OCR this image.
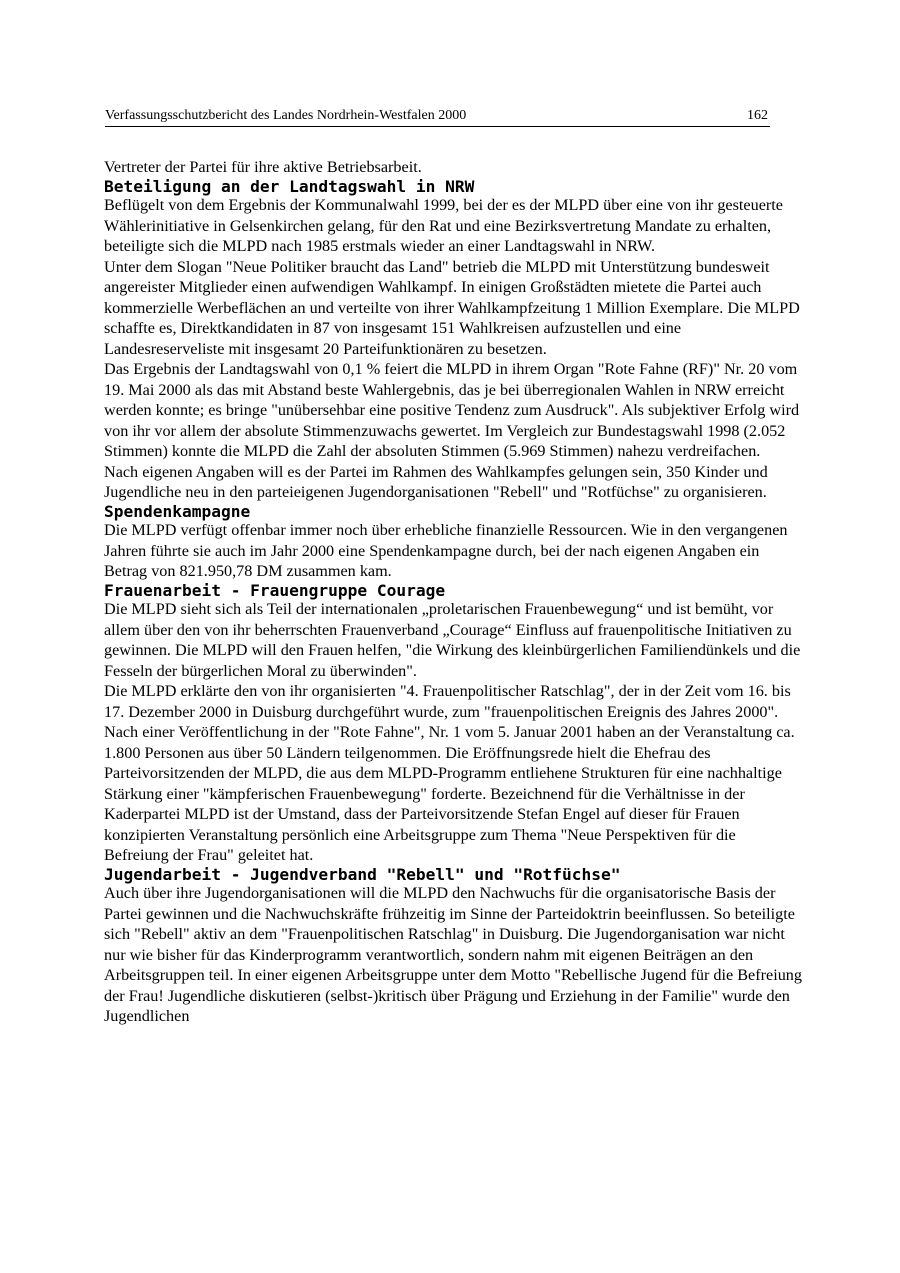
Verfassungsschutzbericht des Landes Nordrhein-Westfalen 2000	162

Vertreter der Partei für ihre aktive Betriebsarbeit.

Beteiligung an der Landtagswahl in NRW

Beflügelt von dem Ergebnis der Kommunalwahl 1999, bei der es der MLPD über eine von ihr gesteuerte Wählerinitiative in Gelsenkirchen gelang, für den Rat und eine Bezirksvertretung Mandate zu erhalten, beteiligte sich die MLPD nach 1985 erstmals wieder an einer Landtagswahl in NRW.

Unter dem Slogan "Neue Politiker braucht das Land" betrieb die MLPD mit Unterstützung bundesweit angereister Mitglieder einen aufwendigen Wahlkampf. In einigen Großstädten mietete die Partei auch kommerzielle Werbeflächen an und verteilte von ihrer Wahlkampfzeitung 1 Million Exemplare. Die MLPD schaffte es, Direktkandidaten in 87 von insgesamt 151 Wahlkreisen aufzustellen und eine Landesreserveliste mit insgesamt 20 Parteifunktionären zu besetzen.

Das Ergebnis der Landtagswahl von 0,1 % feiert die MLPD in ihrem Organ "Rote Fahne (RF)" Nr. 20 vom 19. Mai 2000 als das mit Abstand beste Wahlergebnis, das je bei überregionalen Wahlen in NRW erreicht werden konnte; es bringe "unübersehbar eine positive Tendenz zum Ausdruck". Als subjektiver Erfolg wird von ihr vor allem der absolute Stimmenzuwachs gewertet. Im Vergleich zur Bundestagswahl 1998 (2.052 Stimmen) konnte die MLPD die Zahl der absoluten Stimmen (5.969 Stimmen) nahezu verdreifachen.

Nach eigenen Angaben will es der Partei im Rahmen des Wahlkampfes gelungen sein, 350 Kinder und Jugendliche neu in den parteieigenen Jugendorganisationen "Rebell" und "Rotfüchse" zu organisieren.

Spendenkampagne

Die MLPD verfügt offenbar immer noch über erhebliche finanzielle Ressourcen. Wie in den vergangenen Jahren führte sie auch im Jahr 2000 eine Spendenkampagne durch, bei der nach eigenen Angaben ein Betrag von 821.950,78 DM zusammen kam.

Frauenarbeit - Frauengruppe Courage

Die MLPD sieht sich als Teil der internationalen „proletarischen Frauenbewegung“ und ist bemüht, vor allem über den von ihr beherrschten Frauenverband „Courage“ Einfluss auf frauenpolitische Initiativen zu gewinnen. Die MLPD will den Frauen helfen, "die Wirkung des kleinbürgerlichen Familiendünkels und die Fesseln der bürgerlichen Moral zu überwinden".

Die MLPD erklärte den von ihr organisierten "4. Frauenpolitischer Ratschlag", der in der Zeit vom 16. bis 17. Dezember 2000 in Duisburg durchgeführt wurde, zum "frauenpolitischen Ereignis des Jahres 2000". Nach einer Veröffentlichung in der "Rote Fahne", Nr. 1 vom 5. Januar 2001 haben an der Veranstaltung ca. 1.800 Personen aus über 50 Ländern teilgenommen. Die Eröffnungsrede hielt die Ehefrau des Parteivorsitzenden der MLPD, die aus dem MLPD-Programm entliehene Strukturen für eine nachhaltige Stärkung einer "kämpferischen Frauenbewegung" forderte. Bezeichnend für die Verhältnisse in der Kaderpartei MLPD ist der Umstand, dass der Parteivorsitzende Stefan Engel auf dieser für Frauen konzipierten Veranstaltung persönlich eine Arbeitsgruppe zum Thema "Neue Perspektiven für die Befreiung der Frau" geleitet hat.

Jugendarbeit - Jugendverband "Rebell" und "Rotfüchse"

Auch über ihre Jugendorganisationen will die MLPD den Nachwuchs für die organisatorische Basis der Partei gewinnen und die Nachwuchskräfte frühzeitig im Sinne der Parteidoktrin beeinflussen. So beteiligte sich "Rebell" aktiv an dem "Frauenpolitischen Ratschlag" in Duisburg. Die Jugendorganisation war nicht nur wie bisher für das Kinderprogramm verantwortlich, sondern nahm mit eigenen Beiträgen an den Arbeitsgruppen teil. In einer eigenen Arbeitsgruppe unter dem Motto "Rebellische Jugend für die Befreiung der Frau! Jugendliche diskutieren (selbst-)kritisch über Prägung und Erziehung in der Familie" wurde den Jugendlichen
